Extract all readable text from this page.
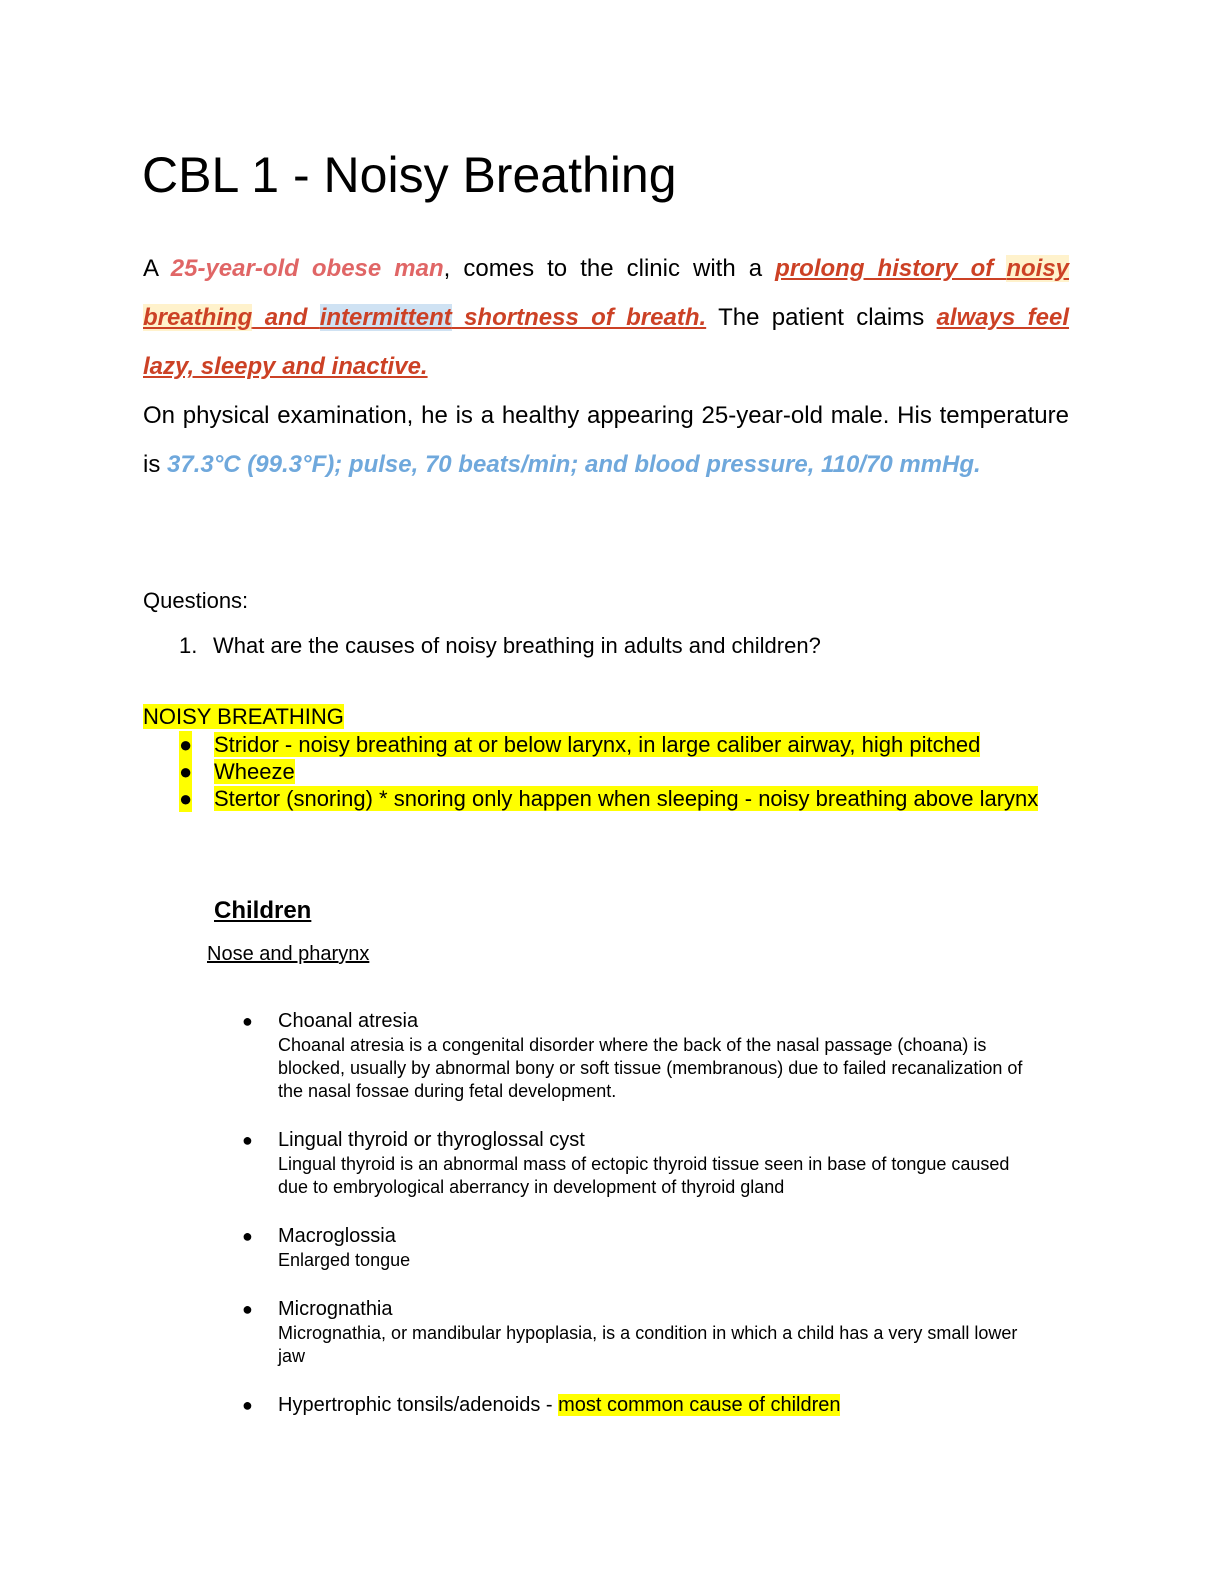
CBL 1 - Noisy Breathing

A 25-year-old obese man, comes to the clinic with a prolong history of noisy breathing and intermittent shortness of breath. The patient claims always feel lazy, sleepy and inactive.

On physical examination, he is a healthy appearing 25-year-old male. His temperature is 37.3°C (99.3°F); pulse, 70 beats/min; and blood pressure, 110/70 mmHg.

Questions:
1. What are the causes of noisy breathing in adults and children?
NOISY BREATHING
● Stridor - noisy breathing at or below larynx, in large caliber airway, high pitched
● Wheeze
● Stertor (snoring) * snoring only happen when sleeping - noisy breathing above larynx
Children
Nose and pharynx
● Choanal atresia
Choanal atresia is a congenital disorder where the back of the nasal passage (choana) is blocked, usually by abnormal bony or soft tissue (membranous) due to failed recanalization of the nasal fossae during fetal development.
● Lingual thyroid or thyroglossal cyst
Lingual thyroid is an abnormal mass of ectopic thyroid tissue seen in base of tongue caused due to embryological aberrancy in development of thyroid gland
● Macroglossia
Enlarged tongue
● Micrognathia
Micrognathia, or mandibular hypoplasia, is a condition in which a child has a very small lower jaw
● Hypertrophic tonsils/adenoids - most common cause of children
